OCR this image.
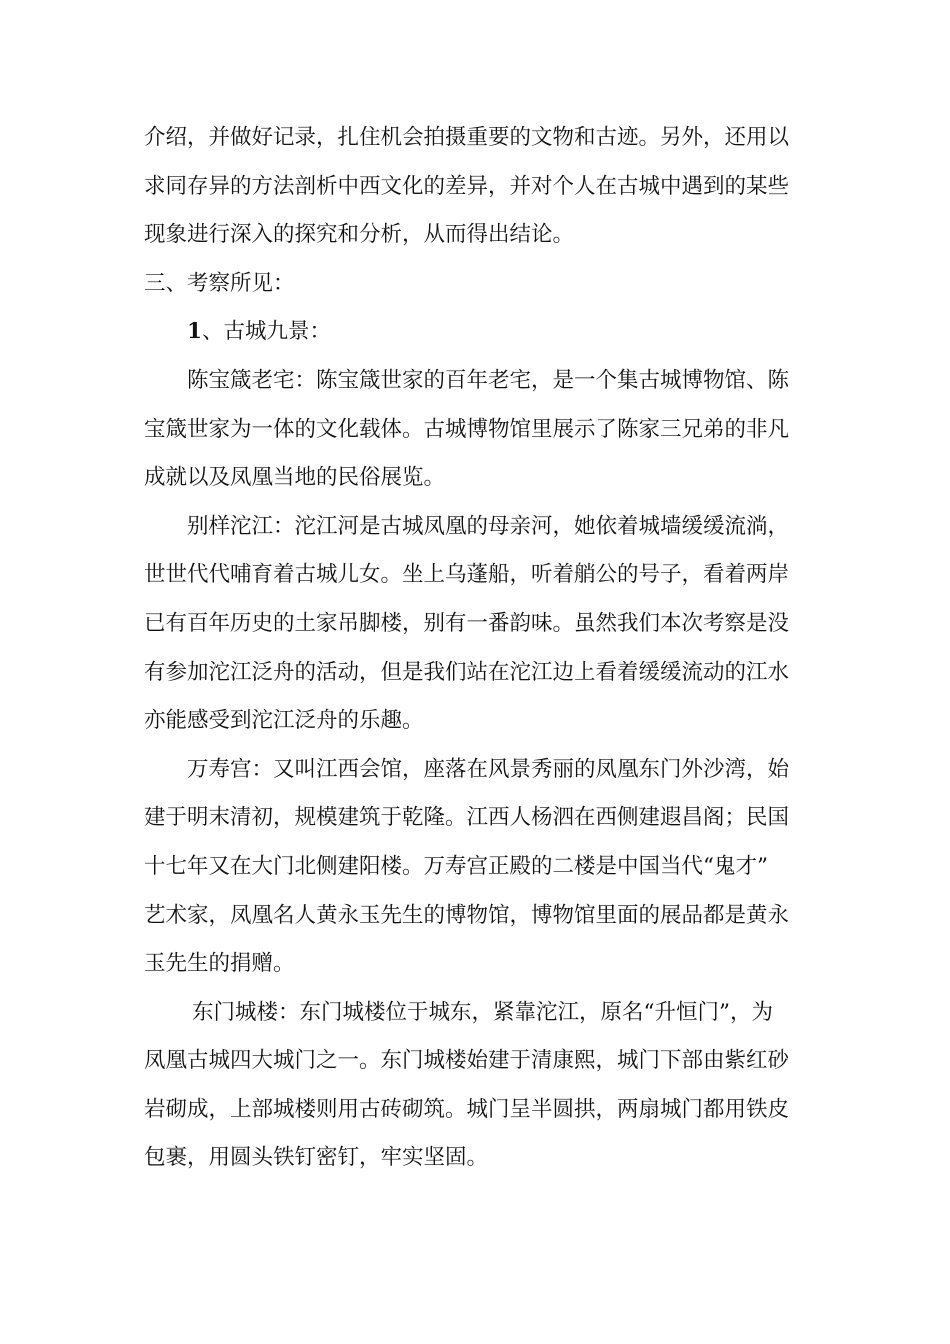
介绍，并做好记录，扎住机会拍摄重要的文物和古迹。另外，还用以
求同存异的方法剖析中西文化的差异，并对个人在古城中遇到的某些
现象进行深入的探究和分析，从而得出结论。
三、考察所见：
1、古城九景：
陈宝箴老宅：陈宝箴世家的百年老宅，是一个集古城博物馆、陈
宝箴世家为一体的文化载体。古城博物馆里展示了陈家三兄弟的非凡
成就以及凤凰当地的民俗展览。
别样沱江：沱江河是古城凤凰的母亲河，她依着城墙缓缓流淌，
世世代代哺育着古城儿女。坐上乌蓬船，听着艄公的号子，看着两岸
已有百年历史的土家吊脚楼，别有一番韵味。虽然我们本次考察是没
有参加沱江泛舟的活动，但是我们站在沱江边上看着缓缓流动的江水
亦能感受到沱江泛舟的乐趣。
万寿宫：又叫江西会馆，座落在风景秀丽的凤凰东门外沙湾，始
建于明末清初，规模建筑于乾隆。江西人杨泗在西侧建遐昌阁；民国
十七年又在大门北侧建阳楼。万寿宫正殿的二楼是中国当代“鬼才”
艺术家，凤凰名人黄永玉先生的博物馆，博物馆里面的展品都是黄永
玉先生的捐赠。
东门城楼：东门城楼位于城东，紧靠沱江，原名“升恒门”，为
凤凰古城四大城门之一。东门城楼始建于清康熙，城门下部由紫红砂
岩砌成，上部城楼则用古砖砌筑。城门呈半圆拱，两扇城门都用铁皮
包裹，用圆头铁钉密钉，牢实坚固。
